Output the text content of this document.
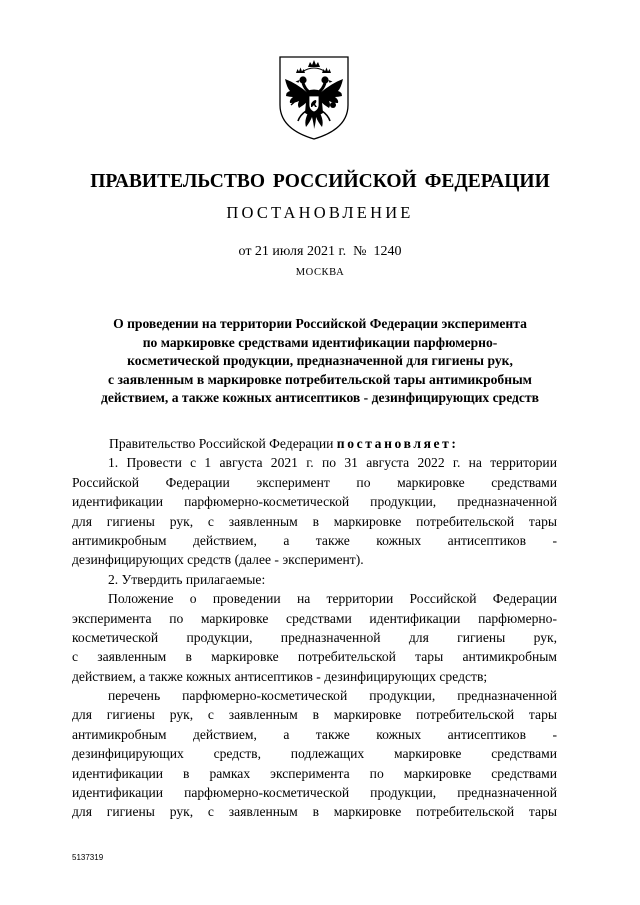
ПРАВИТЕЛЬСТВО РОССИЙСКОЙ ФЕДЕРАЦИИ
ПОСТАНОВЛЕНИЕ
от 21 июля 2021 г.  №  1240
МОСКВА
О проведении на территории Российской Федерации эксперимента
по маркировке средствами идентификации парфюмерно-
косметической продукции, предназначенной для гигиены рук,
с заявленным в маркировке потребительской тары антимикробным
действием, а также кожных антисептиков - дезинфицирующих средств
Правительство Российской Федерации постановляет:
1. Провести с 1 августа 2021 г. по 31 августа 2022 г. на территории
Российской Федерации эксперимент по маркировке средствами
идентификации парфюмерно-косметической продукции, предназначенной
для гигиены рук, с заявленным в маркировке потребительской тары
антимикробным действием, а также кожных антисептиков -
дезинфицирующих средств (далее - эксперимент).
2. Утвердить прилагаемые:
Положение о проведении на территории Российской Федерации
эксперимента по маркировке средствами идентификации парфюмерно-
косметической продукции, предназначенной для гигиены рук,
с заявленным в маркировке потребительской тары антимикробным
действием, а также кожных антисептиков - дезинфицирующих средств;
перечень парфюмерно-косметической продукции, предназначенной
для гигиены рук, с заявленным в маркировке потребительской тары
антимикробным действием, а также кожных антисептиков -
дезинфицирующих средств, подлежащих маркировке средствами
идентификации в рамках эксперимента по маркировке средствами
идентификации парфюмерно-косметической продукции, предназначенной
для гигиены рук, с заявленным в маркировке потребительской тары
5137319
